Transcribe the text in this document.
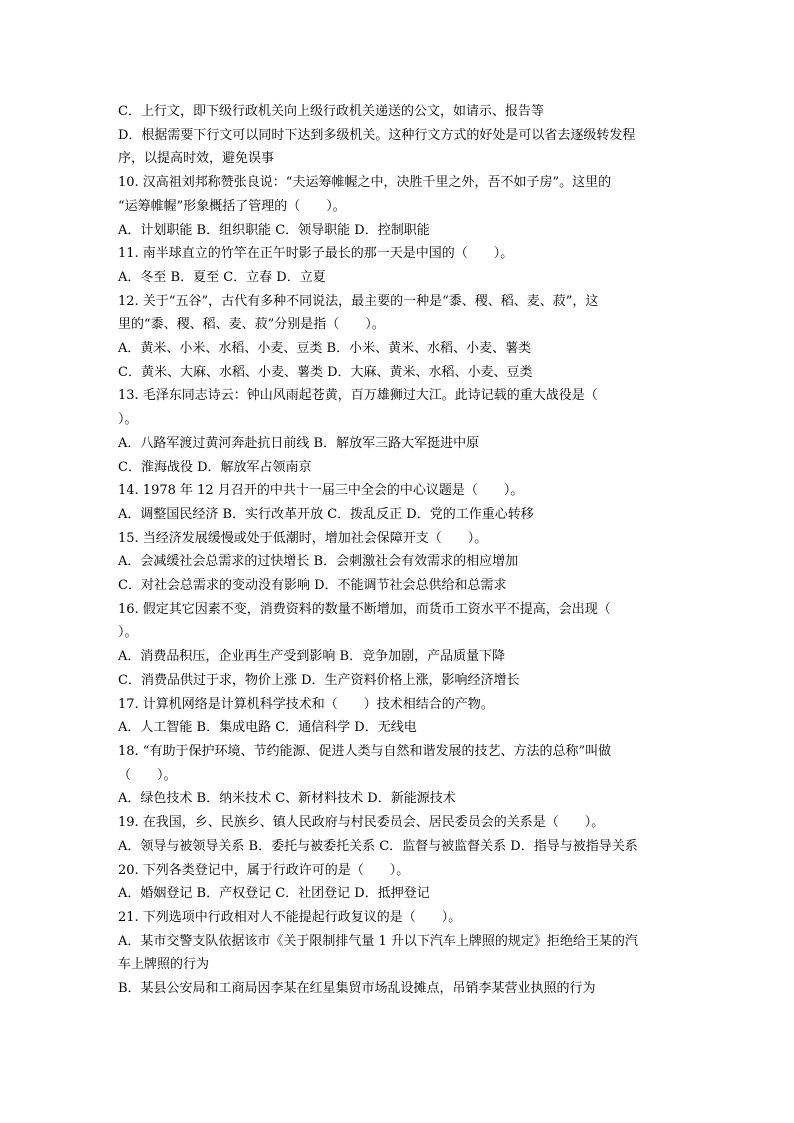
C．上行文，即下级行政机关向上级行政机关递送的公文，如请示、报告等

D．根据需要下行文可以同时下达到多级机关。这种行文方式的好处是可以省去逐级转发程

序，以提高时效，避免误事

10. 汉高祖刘邦称赞张良说：“夫运筹帷幄之中，决胜千里之外，吾不如子房”。这里的

“运筹帷幄”形象概括了管理的（　　）。

A．计划职能 B．组织职能 C．领导职能 D．控制职能

11. 南半球直立的竹竿在正午时影子最长的那一天是中国的（　　）。

A．冬至 B．夏至 C．立春 D．立夏

12. 关于“五谷”，古代有多种不同说法，最主要的一种是“黍、稷、稻、麦、菽”，这

里的“黍、稷、稻、麦、菽”分别是指（　　）。

A．黄米、小米、水稻、小麦、豆类 B．小米、黄米、水稻、小麦、薯类

C．黄米、大麻、水稻、小麦、薯类 D．大麻、黄米、水稻、小麦、豆类

13. 毛泽东同志诗云：钟山风雨起苍黄，百万雄狮过大江。此诗记载的重大战役是（

）。

A．八路军渡过黄河奔赴抗日前线 B．解放军三路大军挺进中原

C．淮海战役 D．解放军占领南京

14. 1978 年 12 月召开的中共十一届三中全会的中心议题是（　　）。

A．调整国民经济 B．实行改革开放 C．拨乱反正 D．党的工作重心转移

15. 当经济发展缓慢或处于低潮时，增加社会保障开支（　　）。

A．会减缓社会总需求的过快增长 B．会刺激社会有效需求的相应增加

C．对社会总需求的变动没有影响 D．不能调节社会总供给和总需求

16. 假定其它因素不变，消费资料的数量不断增加，而货币工资水平不提高，会出现（

）。

A．消费品积压，企业再生产受到影响 B．竞争加剧，产品质量下降

C．消费品供过于求，物价上涨 D．生产资料价格上涨，影响经济增长

17. 计算机网络是计算机科学技术和（　　）技术相结合的产物。

A．人工智能 B．集成电路 C．通信科学 D．无线电

18. “有助于保护环境、节约能源、促进人类与自然和谐发展的技艺、方法的总称”叫做

（　　）。

A．绿色技术 B．纳米技术 C、新材料技术 D．新能源技术

19. 在我国，乡、民族乡、镇人民政府与村民委员会、居民委员会的关系是（　　）。

A．领导与被领导关系 B．委托与被委托关系 C．监督与被监督关系 D．指导与被指导关系

20. 下列各类登记中，属于行政许可的是（　　）。

A．婚姻登记 B．产权登记 C．社团登记 D．抵押登记

21. 下列选项中行政相对人不能提起行政复议的是（　　）。

A．某市交警支队依据该市《关于限制排气量 1 升以下汽车上牌照的规定》拒绝给王某的汽

车上牌照的行为

B．某县公安局和工商局因李某在红星集贸市场乱设摊点，吊销李某营业执照的行为
